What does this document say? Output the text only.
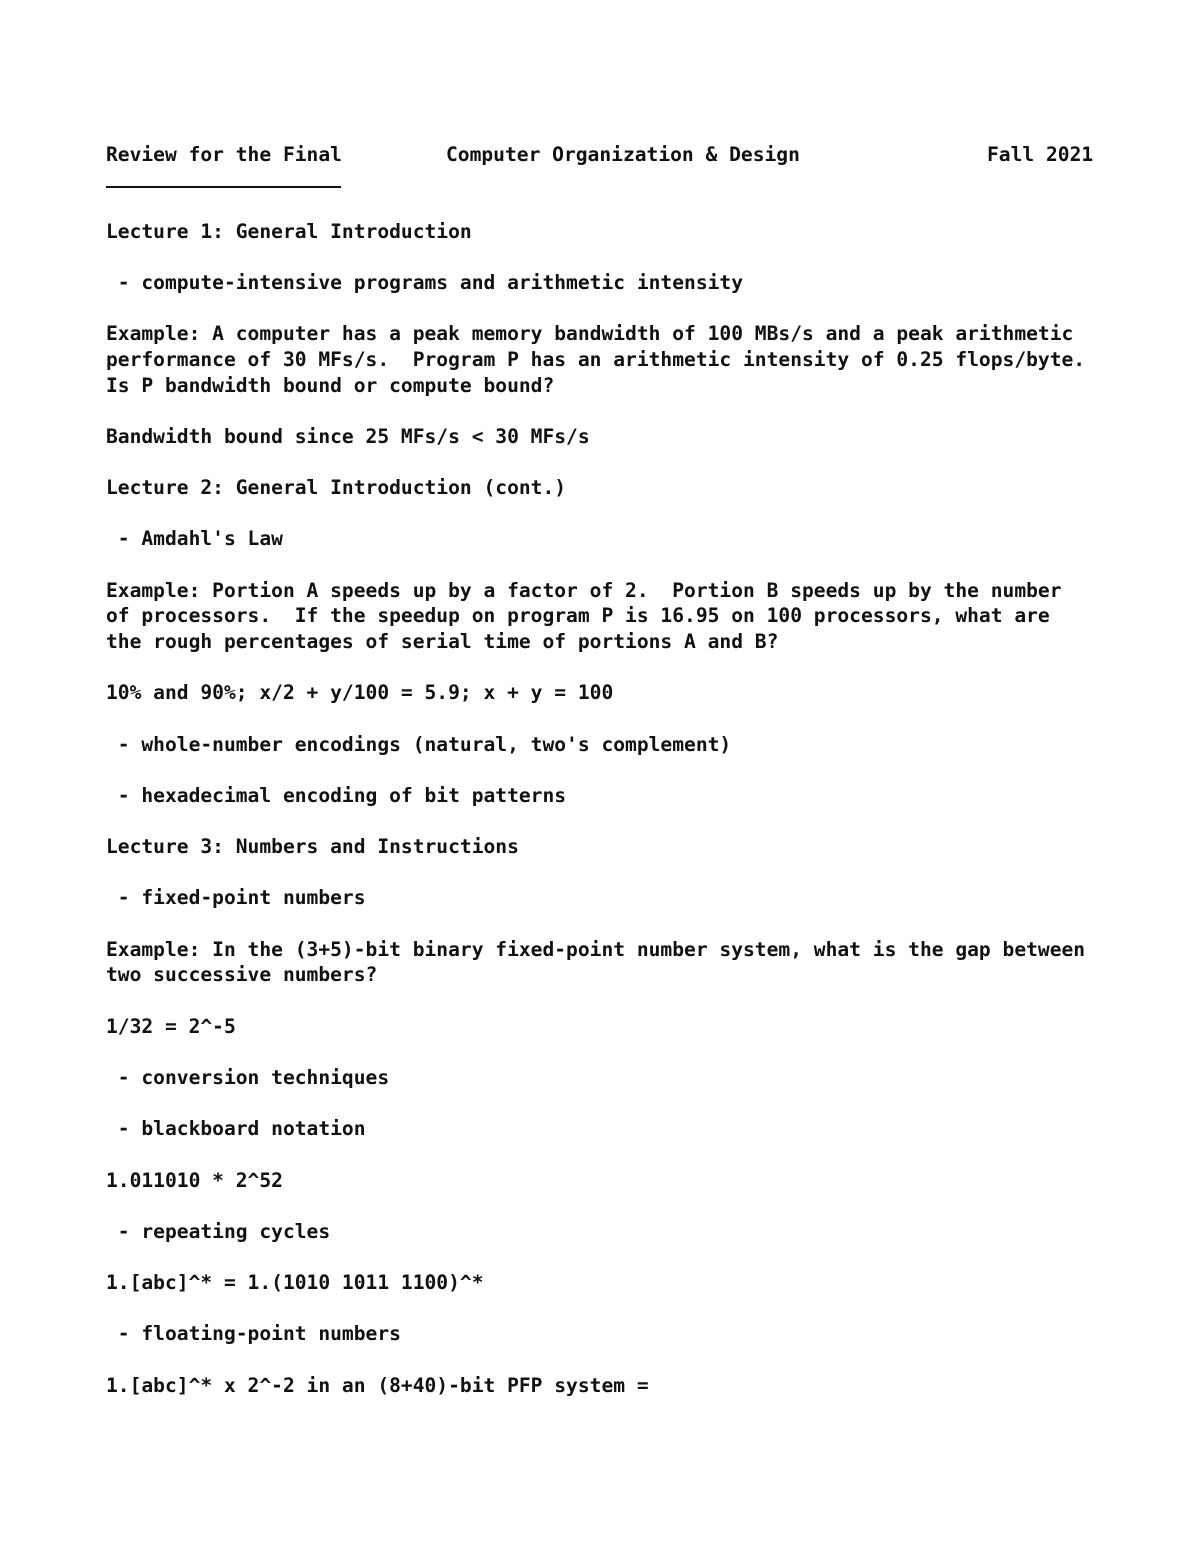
Review for the Final	Computer Organization & Design	Fall 2021
Lecture 1: General Introduction
- compute-intensive programs and arithmetic intensity
Example: A computer has a peak memory bandwidth of 100 MBs/s and a peak arithmetic
performance of 30 MFs/s.  Program P has an arithmetic intensity of 0.25 flops/byte.
Is P bandwidth bound or compute bound?
Bandwidth bound since 25 MFs/s < 30 MFs/s
Lecture 2: General Introduction (cont.)
- Amdahl's Law
Example: Portion A speeds up by a factor of 2.  Portion B speeds up by the number
of processors.  If the speedup on program P is 16.95 on 100 processors, what are
the rough percentages of serial time of portions A and B?
10% and 90%; x/2 + y/100 = 5.9; x + y = 100
- whole-number encodings (natural, two's complement)
- hexadecimal encoding of bit patterns
Lecture 3: Numbers and Instructions
- fixed-point numbers
Example: In the (3+5)-bit binary fixed-point number system, what is the gap between
two successive numbers?
1/32 = 2^-5
- conversion techniques
- blackboard notation
1.011010 * 2^52
- repeating cycles
1.[abc]^* = 1.(1010 1011 1100)^*
- floating-point numbers
1.[abc]^* x 2^-2 in an (8+40)-bit PFP system =
